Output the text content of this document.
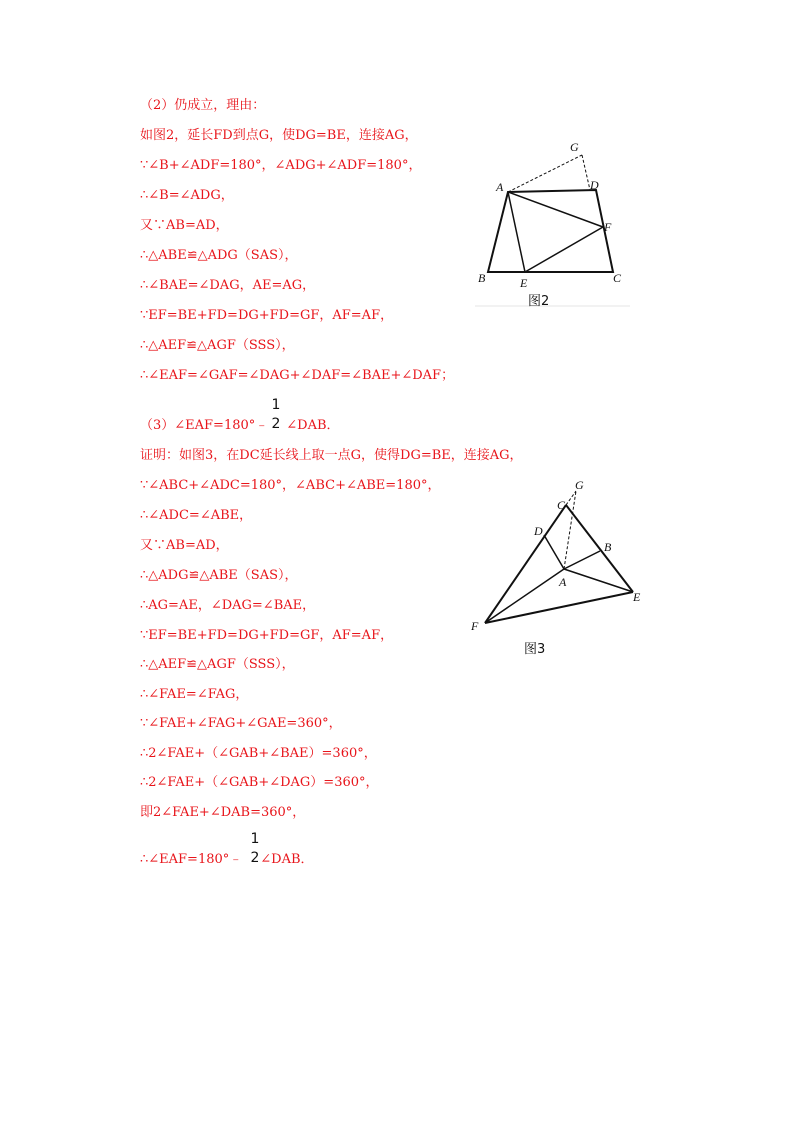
（2）仍成立，理由：
如图2，延长FD到点G，使DG=BE，连接AG，
∵∠B+∠ADF=180°，∠ADG+∠ADF=180°，
∴∠B=∠ADG，
又∵AB=AD，
∴△ABE≌△ADG（SAS），
∴∠BAE=∠DAG，AE=AG，
∵EF=BE+FD=DG+FD=GF，AF=AF，
∴△AEF≌△AGF（SSS），
∴∠EAF=∠GAF=∠DAG+∠DAF=∠BAE+∠DAF；
G
A	D
F
B	E	C
图2
（3）∠EAF=180°﹣ ∠DAB．
1
2
证明：如图3，在DC延长线上取一点G，使得DG=BE，连接AG，
∵∠ABC+∠ADC=180°，∠ABC+∠ABE=180°，
∴∠ADC=∠ABE，
又∵AB=AD，
∴△ADG≌△ABE（SAS），
∴AG=AE，∠DAG=∠BAE，
∵EF=BE+FD=DG+FD=GF，AF=AF，
∴△AEF≌△AGF（SSS），
∴∠FAE=∠FAG，
∵∠FAE+∠FAG+∠GAE=360°，
∴2∠FAE+（∠GAB+∠BAE）=360°，
∴2∠FAE+（∠GAB+∠DAG）=360°，
即2∠FAE+∠DAB=360°，
∴∠EAF=180°﹣ ∠DAB．
1
2
G
C
D
B
A
E
F
图3
